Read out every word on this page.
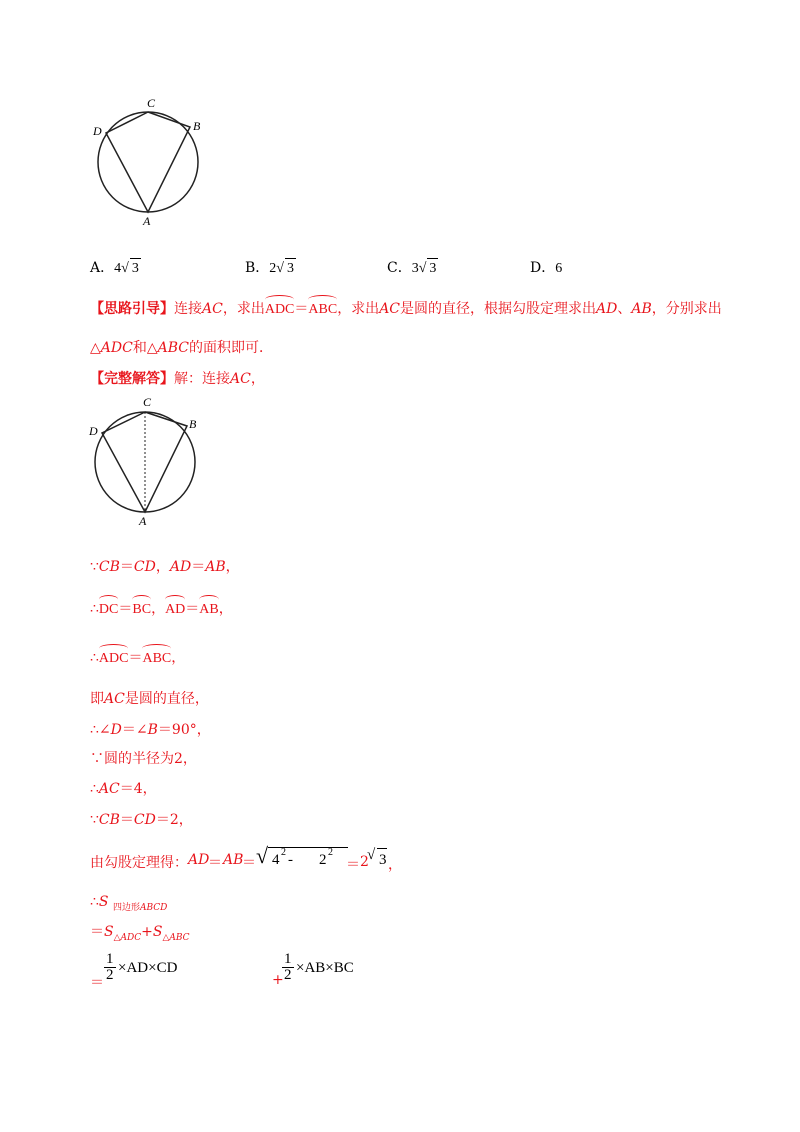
C
D	B
A
A．4√ 3	B．2√ 3	C．3√ 3	D．6
【思路引导】连接AC，求出ADC＝ABC，求出AC是圆的直径，根据勾股定理求出AD、AB，分别求出
△ADC和△ABC的面积即可．
【完整解答】解：连接AC，
C
D	B
A
∵CB＝CD，AD＝AB，
∴DC＝BC，AD＝AB，
∴ADC＝ABC，
即AC是圆的直径，
∴∠D＝∠B＝90°，
∵圆的半径为2，
∴AC＝4，
∵CB＝CD＝2，
由勾股定理得： AD
＝ AB
＝ √ 4 2 - 2 2
＝ 2
√ 3 ，
∴S $_{四边形ABCD}$
$=S_{\triangle ADC}+S_{\triangle ABC}$
＝ $\frac{1}{2} \times AD\times CD$
+
$\frac{1}{2} \times AB\times BC$
